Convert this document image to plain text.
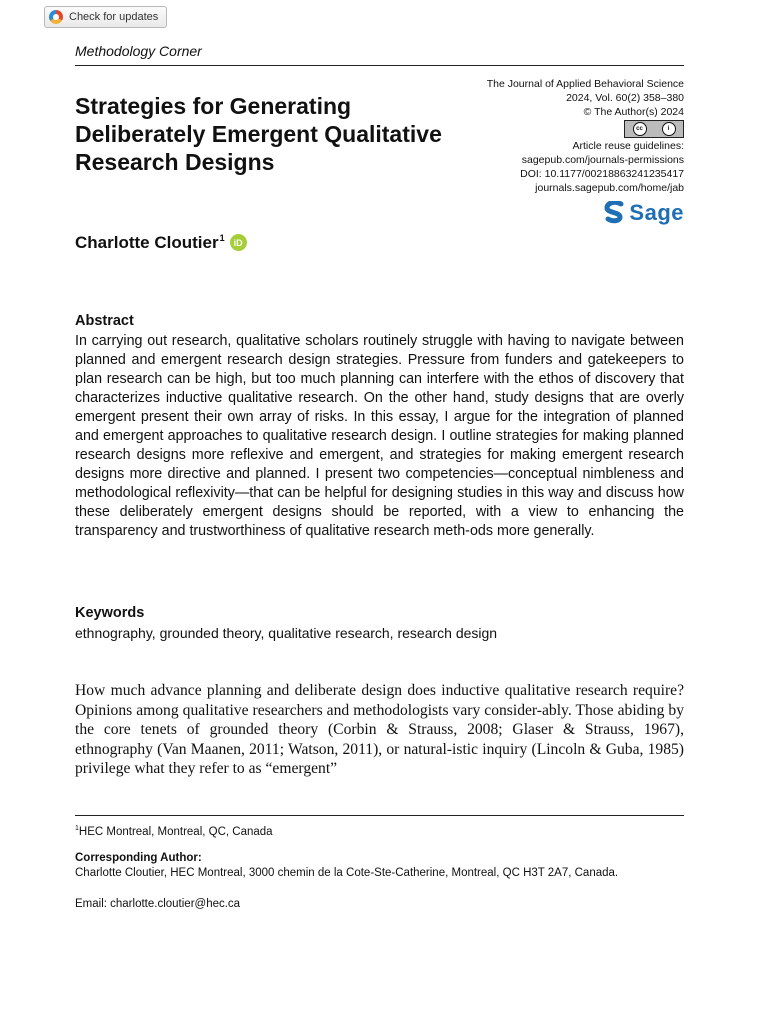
Check for updates
Methodology Corner
Strategies for Generating Deliberately Emergent Qualitative Research Designs
The Journal of Applied Behavioral Science
2024, Vol. 60(2) 358–380
© The Author(s) 2024
cc	i
Article reuse guidelines:
sagepub.com/journals-permissions
DOI: 10.1177/00218863241235417
journals.sagepub.com/home/jab
Sage
Charlotte Cloutier$^1$	iD
Abstract

In carrying out research, qualitative scholars routinely struggle with having to navigate between planned and emergent research design strategies. Pressure from funders and gatekeepers to plan research can be high, but too much planning can interfere with the ethos of discovery that characterizes inductive qualitative research. On the other hand, study designs that are overly emergent present their own array of risks. In this essay, I argue for the integration of planned and emergent approaches to qualitative research design. I outline strategies for making planned research designs more reflexive and emergent, and strategies for making emergent research designs more directive and planned. I present two competencies—conceptual nimbleness and methodological reflexivity—that can be helpful for designing studies in this way and discuss how these deliberately emergent designs should be reported, with a view to enhancing the transparency and trustworthiness of qualitative research meth-ods more generally.

Keywords
ethnography, grounded theory, qualitative research, research design

How much advance planning and deliberate design does inductive qualitative research require? Opinions among qualitative researchers and methodologists vary consider-ably. Those abiding by the core tenets of grounded theory (Corbin & Strauss, 2008; Glaser & Strauss, 1967), ethnography (Van Maanen, 2011; Watson, 2011), or natural-istic inquiry (Lincoln & Guba, 1985) privilege what they refer to as “emergent”

$^1$HEC Montreal, Montreal, QC, Canada
Corresponding Author:

Charlotte Cloutier, HEC Montreal, 3000 chemin de la Cote-Ste-Catherine, Montreal, QC H3T 2A7, Canada.

Email: charlotte.cloutier@hec.ca
